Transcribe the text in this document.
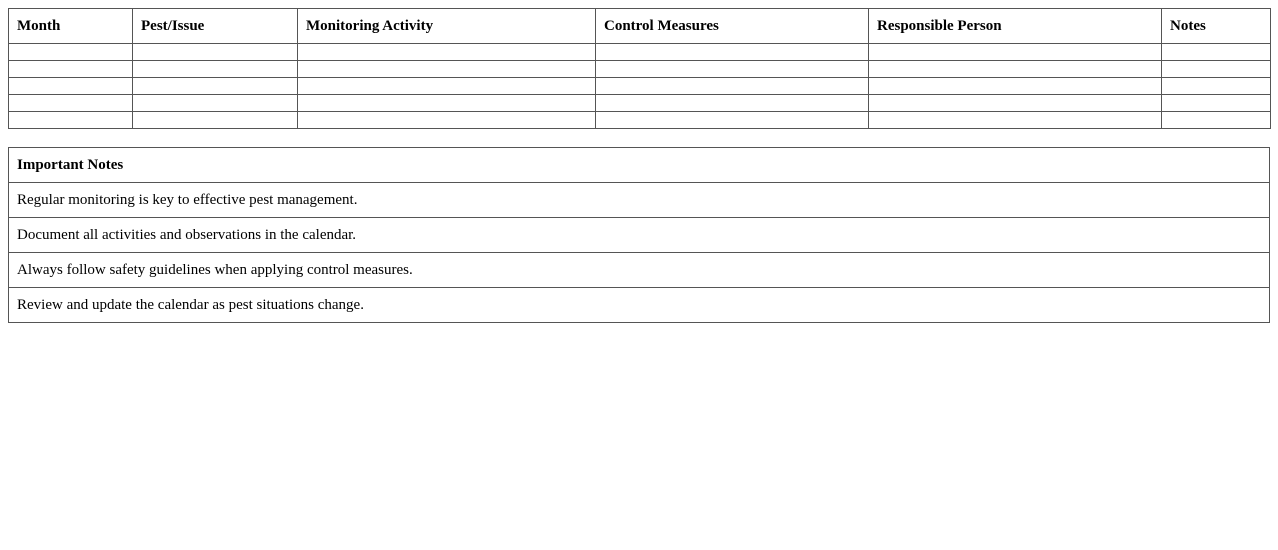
Month	Pest/Issue	Monitoring Activity	Control Measures	Responsible Person	Notes

Important Notes
Regular monitoring is key to effective pest management.
Document all activities and observations in the calendar.
Always follow safety guidelines when applying control measures.
Review and update the calendar as pest situations change.
